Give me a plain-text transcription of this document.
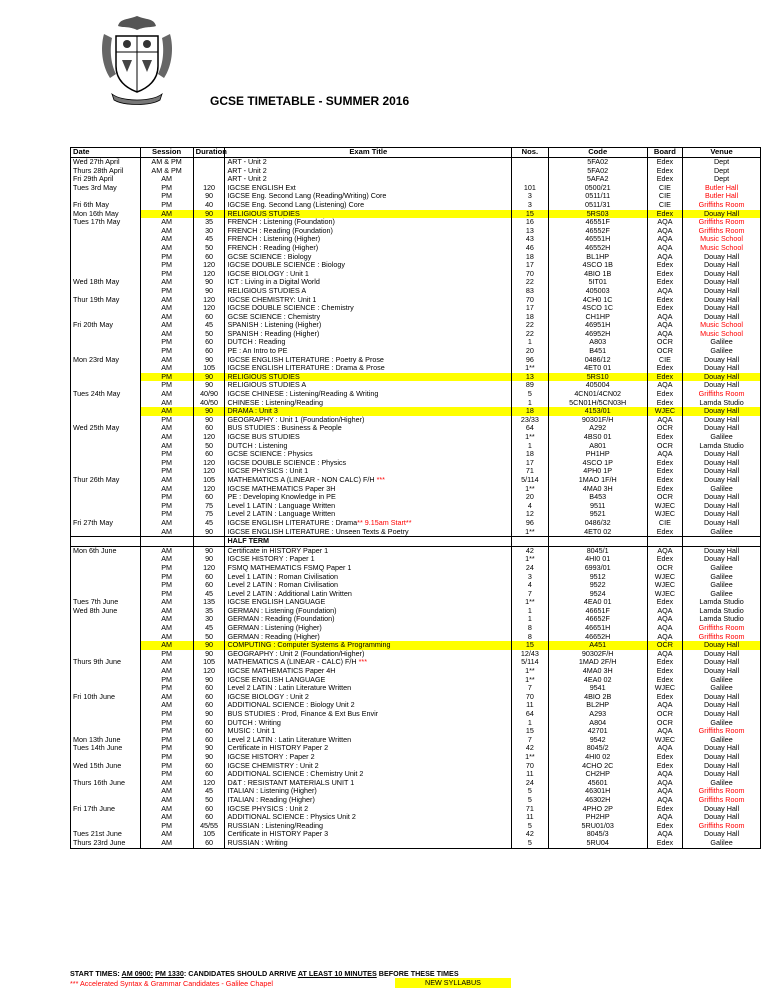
GCSE TIMETABLE - SUMMER 2016
Date	Session	Duration	Exam Title	Nos.	Code	Board	Venue
Wed 27th April	AM & PM		ART - Unit 2		5FA02	Edex	Dept
Thurs 28th April	AM & PM		ART - Unit 2		5FA02	Edex	Dept
Fri 29th April	AM		ART - Unit 2		5AFA2	Edex	Dept
Tues 3rd May	PM	120	IGCSE ENGLISH Ext	101	0500/21	CIE	Butler Hall
	PM	90	IGCSE Eng. Second Lang (Reading/Writing) Core	3	0511/11	CIE	Butler Hall
Fri 6th May	PM	40	IGCSE Eng. Second Lang (Listening) Core	3	0511/31	CIE	Griffiths Room
Mon 16th May	AM	90	RELIGIOUS STUDIES	15	5RS03	Edex	Douay Hall
Tues 17th May	AM	35	FRENCH : Listening (Foundation)	16	46551F	AQA	Griffiths Room
	AM	30	FRENCH : Reading (Foundation)	13	46552F	AQA	Griffiths Room
	AM	45	FRENCH : Listening (Higher)	43	46551H	AQA	Music School
	AM	50	FRENCH : Reading (Higher)	46	46552H	AQA	Music School
	PM	60	GCSE SCIENCE : Biology	18	BL1HP	AQA	Douay Hall
	PM	120	IGCSE DOUBLE SCIENCE : Biology	17	4SCO 1B	Edex	Douay Hall
	PM	120	IGCSE BIOLOGY : Unit 1	70	4BIO 1B	Edex	Douay Hall
Wed 18th May	AM	90	ICT : Living in a Digital World	22	5IT01	Edex	Douay Hall
	PM	90	RELIGIOUS STUDIES A	83	405003	AQA	Douay Hall
Thur 19th May	AM	120	IGCSE CHEMISTRY: Unit 1	70	4CH0 1C	Edex	Douay Hall
	AM	120	IGCSE DOUBLE SCIENCE : Chemistry	17	4SCO 1C	Edex	Douay Hall
	AM	60	GCSE SCIENCE : Chemistry	18	CH1HP	AQA	Douay Hall
Fri 20th May	AM	45	SPANISH : Listening (Higher)	22	46951H	AQA	Music School
	AM	50	SPANISH : Reading (Higher)	22	46952H	AQA	Music School
	PM	60	DUTCH : Reading	1	A803	OCR	Galilee
	PM	60	PE : An Intro to PE	20	B451	OCR	Galilee
Mon 23rd May	AM	90	IGCSE ENGLISH LITERATURE : Poetry & Prose	96	0486/12	CIE	Douay Hall
	AM	105	IGCSE ENGLISH LITERATURE : Drama & Prose	1**	4ET0 01	Edex	Douay Hall
	PM	90	RELIGIOUS STUDIES	13	5RS10	Edex	Douay Hall
	PM	90	RELIGIOUS STUDIES A	89	405004	AQA	Douay Hall
Tues 24th May	AM	40/90	IGCSE CHINESE : Listening/Reading & Writing	5	4CN01/4CN02	Edex	Griffiths Room
	AM	40/50	CHINESE : Listening/Reading	1	5CN01H/5CN03H	Edex	Lamda Studio
	AM	90	DRAMA : Unit 3	18	4153/01	WJEC	Douay Hall
	PM	90	GEOGRAPHY : Unit 1 (Foundation/Higher)	23/33	90301F/H	AQA	Douay Hall
Wed 25th May	AM	60	BUS STUDIES : Business & People	64	A292	OCR	Douay Hall
	AM	120	IGCSE BUS STUDIES	1**	4BS0 01	Edex	Galilee
	AM	50	DUTCH : Listening	1	A801	OCR	Lamda Studio
	PM	60	GCSE SCIENCE : Physics	18	PH1HP	AQA	Douay Hall
	PM	120	IGCSE DOUBLE SCIENCE : Physics	17	4SCO 1P	Edex	Douay Hall
	PM	120	IGCSE PHYSICS : Unit 1	71	4PH0 1P	Edex	Douay Hall
Thur 26th May	AM	105	MATHEMATICS A (LINEAR - NON CALC) F/H ***	5/114	1MAO 1F/H	Edex	Douay Hall
	AM	120	IGCSE MATHEMATICS Paper 3H	1**	4MA0 3H	Edex	Galilee
	PM	60	PE : Developing Knowledge in PE	20	B453	OCR	Douay Hall
	PM	75	Level 1 LATIN : Language Written	4	9511	WJEC	Douay Hall
	PM	75	Level 2 LATIN : Language Written	12	9521	WJEC	Douay Hall
Fri 27th May	AM	45	IGCSE ENGLISH LITERATURE : Drama** 9.15am Start**	96	0486/32	CIE	Douay Hall
	AM	90	IGCSE ENGLISH LITERATURE : Unseen Texts & Poetry	1**	4ET0 02	Edex	Galilee
			HALF TERM				
Mon 6th June	AM	90	Certificate in HISTORY Paper 1	42	8045/1	AQA	Douay Hall
	AM	90	IGCSE HISTORY : Paper 1	1**	4HI0 01	Edex	Douay Hall
	PM	120	FSMQ MATHEMATICS FSMQ Paper 1	24	6993/01	OCR	Galilee
	PM	60	Level 1 LATIN : Roman Civilisation	3	9512	WJEC	Galilee
	PM	60	Level 2 LATIN : Roman Civilisation	4	9522	WJEC	Galilee
	PM	45	Level 2 LATIN : Additional Latin Written	7	9524	WJEC	Galilee
Tues 7th June	AM	135	IGCSE ENGLISH LANGUAGE	1**	4EA0 01	Edex	Lamda Studio
Wed 8th June	AM	35	GERMAN : Listening (Foundation)	1	46651F	AQA	Lamda Studio
	AM	30	GERMAN : Reading (Foundation)	1	46652F	AQA	Lamda Studio
	AM	45	GERMAN : Listening (Higher)	8	46651H	AQA	Griffiths Room
	AM	50	GERMAN : Reading (Higher)	8	46652H	AQA	Griffiths Room
	AM	90	COMPUTING : Computer Systems & Programming	15	A451	OCR	Douay Hall
	PM	90	GEOGRAPHY : Unit 2 (Foundation/Higher)	12/43	90302F/H	AQA	Douay Hall
Thurs 9th June	AM	105	MATHEMATICS A (LINEAR - CALC) F/H ***	5/114	1MAD 2F/H	Edex	Douay Hall
	AM	120	IGCSE MATHEMATICS Paper 4H	1**	4MA0 3H	Edex	Douay Hall
	PM	90	IGCSE ENGLISH LANGUAGE	1**	4EA0 02	Edex	Galilee
	PM	60	Level 2 LATIN : Latin Literature Written	7	9541	WJEC	Galilee
Fri 10th June	AM	60	IGCSE BIOLOGY : Unit 2	70	4BIO 2B	Edex	Douay Hall
	AM	60	ADDITIONAL SCIENCE : Biology Unit 2	11	BL2HP	AQA	Douay Hall
	PM	90	BUS STUDIES : Prod, Finance & Ext Bus Envir	64	A293	OCR	Douay Hall
	PM	60	DUTCH : Writing	1	A804	OCR	Galilee
	PM	60	MUSIC : Unit 1	15	42701	AQA	Griffiths Room
Mon 13th June	PM	60	Level 2 LATIN : Latin Literature Written	7	9542	WJEC	Galilee
Tues 14th June	PM	90	Certificate in HISTORY Paper 2	42	8045/2	AQA	Douay Hall
	PM	90	IGCSE HISTORY : Paper 2	1**	4HI0 02	Edex	Douay Hall
Wed 15th June	PM	60	IGCSE CHEMISTRY : Unit 2	70	4CHO 2C	Edex	Douay Hall
	PM	60	ADDITIONAL SCIENCE : Chemistry Unit 2	11	CH2HP	AQA	Douay Hall
Thurs 16th June	AM	120	D&T : RESISTANT MATERIALS UNIT 1	24	45601	AQA	Galilee
	AM	45	ITALIAN : Listening (Higher)	5	46301H	AQA	Griffiths Room
	AM	50	ITALIAN : Reading (Higher)	5	46302H	AQA	Griffiths Room
Fri 17th June	AM	60	IGCSE PHYSICS : Unit 2	71	4PHO 2P	Edex	Douay Hall
	AM	60	ADDITIONAL SCIENCE : Physics Unit 2	11	PH2HP	AQA	Douay Hall
	PM	45/55	RUSSIAN : Listening/Reading	5	5RU01/03	Edex	Griffiths Room
Tues 21st June	AM	105	Certificate in HISTORY Paper 3	42	8045/3	AQA	Douay Hall
Thurs 23rd June	AM	60	RUSSIAN : Writing	5	5RU04	Edex	Galilee
START TIMES: AM 0900: PM 1330: CANDIDATES SHOULD ARRIVE AT LEAST 10 MINUTES BEFORE THESE TIMES
*** Accelerated Syntax & Grammar Candidates - Galilee Chapel	NEW SYLLABUS
